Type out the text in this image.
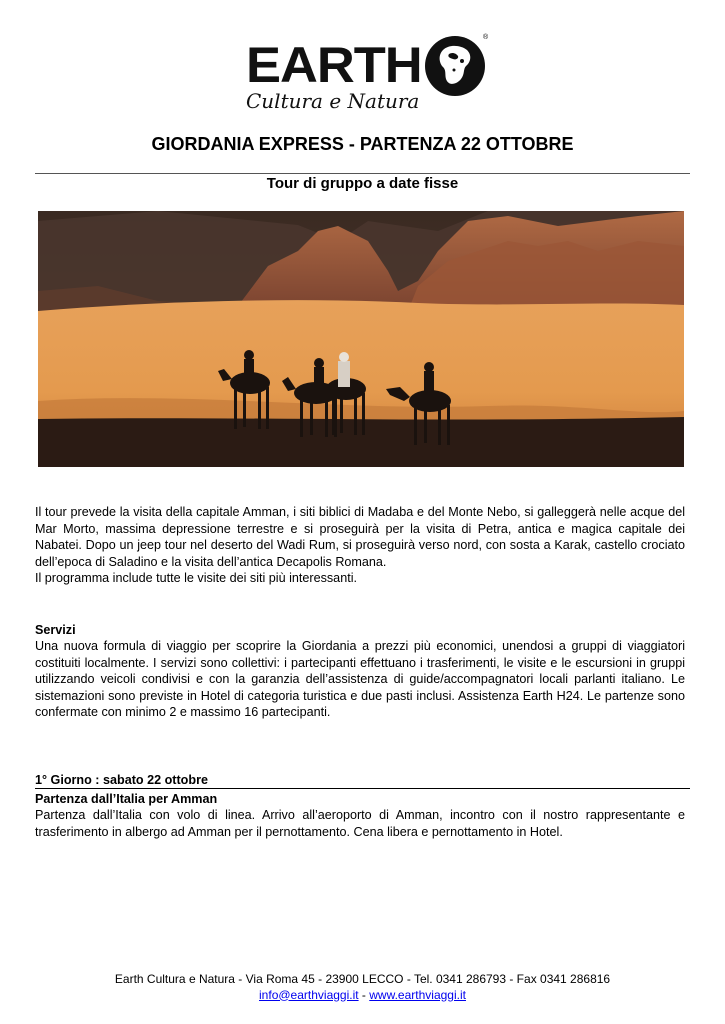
EARTH	®
Cultura e Natura
GIORDANIA EXPRESS - PARTENZA 22 OTTOBRE
Tour di gruppo a date fisse

Il tour prevede la visita della capitale Amman, i siti biblici di Madaba e del Monte Nebo, si galleggerà nelle acque del Mar Morto, massima depressione terrestre e si proseguirà per la visita di Petra, antica e magica capitale dei Nabatei. Dopo un jeep tour nel deserto del Wadi Rum, si proseguirà verso nord, con sosta a Karak, castello crociato dell’epoca di Saladino e la visita dell’antica Decapolis Romana.

Il programma include tutte le visite dei siti più interessanti.

Servizi

Una nuova formula di viaggio per scoprire la Giordania a prezzi più economici, unendosi a gruppi di viaggiatori costituiti localmente. I servizi sono collettivi: i partecipanti effettuano i trasferimenti, le visite e le escursioni in gruppi utilizzando veicoli condivisi e con la garanzia dell’assistenza di guide/accompagnatori locali parlanti italiano. Le sistemazioni sono previste in Hotel di categoria turistica e due pasti inclusi. Assistenza Earth H24. Le partenze sono confermate con minimo 2 e massimo 16 partecipanti.

1° Giorno : sabato 22 ottobre
Partenza dall’Italia per Amman

Partenza dall’Italia con volo di linea. Arrivo all’aeroporto di Amman, incontro con il nostro rappresentante e trasferimento in albergo ad Amman per il pernottamento. Cena libera e pernottamento in Hotel.

Earth Cultura e Natura - Via Roma 45 - 23900 LECCO - Tel. 0341 286793 - Fax 0341 286816
info@earthviaggi.it - www.earthviaggi.it
